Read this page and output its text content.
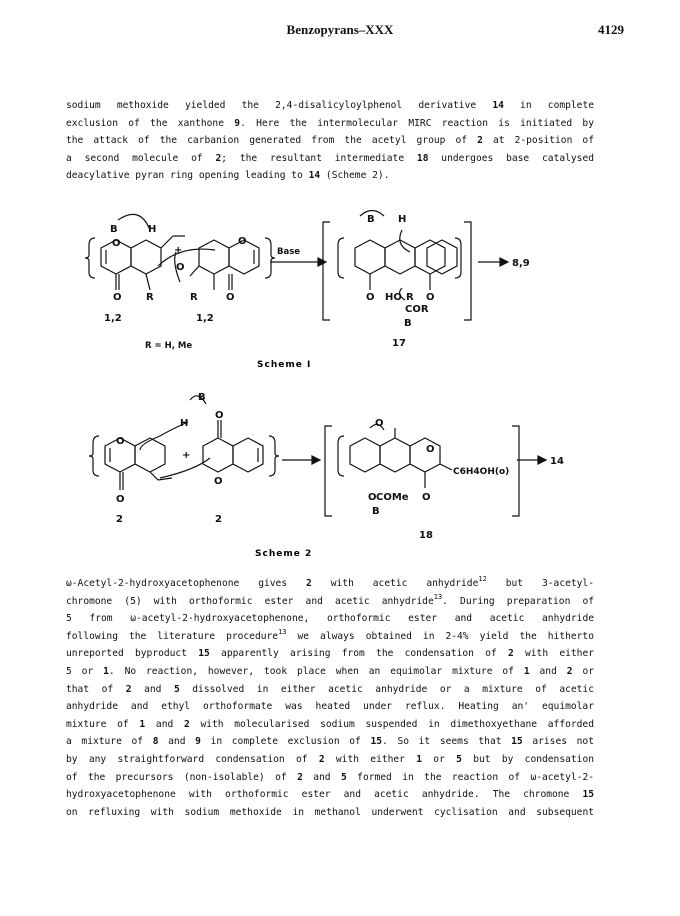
Benzopyrans–XXX	4129

sodium methoxide yielded the 2,4-disalicyloylphenol derivative 14 in complete

exclusion of the xanthone 9. Here the intermolecular MIRC reaction is initiated by

the attack of the carbanion generated from the acetyl group of 2 at 2-position of

a second molecule of 2; the resultant intermediate 18 undergoes base catalysed

deacylative pyran ring opening leading to 14 (Scheme 2).

B	H
O
+
O
O R	R	O
O
B H
O HO R O
COR
B
Base
8,9
1,2	1,2
R = H, Me	17
Scheme I
B
H
O
+
O
O
O
O
O
O
O COMe
B
C6H4OH(o)
14
2	2
18
Scheme 2

ω-Acetyl-2-hydroxyacetophenone gives 2 with acetic anhydride$^{12}$ but 3-acetyl-

chromone (5) with orthoformic ester and acetic anhydride$^{13}$. During preparation of

5 from ω-acetyl-2-hydroxyacetophenone, orthoformic ester and acetic anhydride

following the literature procedure$^{13}$ we always obtained in 2-4% yield the hitherto

unreported byproduct 15 apparently arising from the condensation of 2 with either

5 or 1. No reaction, however, took place when an equimolar mixture of 1 and 2 or

that of 2 and 5 dissolved in either acetic anhydride or a mixture of acetic

anhydride and ethyl orthoformate was heated under reflux. Heating an' equimolar

mixture of 1 and 2 with molecularised sodium suspended in dimethoxyethane afforded

a mixture of 8 and 9 in complete exclusion of 15. So it seems that 15 arises not

by any straightforward condensation of 2 with either 1 or 5 but by condensation

of the precursors (non-isolable) of 2 and 5 formed in the reaction of ω-acetyl-2-

hydroxyacetophenone with orthoformic ester and acetic anhydride. The chromone 15

on refluxing with sodium methoxide in methanol underwent cyclisation and subsequent
